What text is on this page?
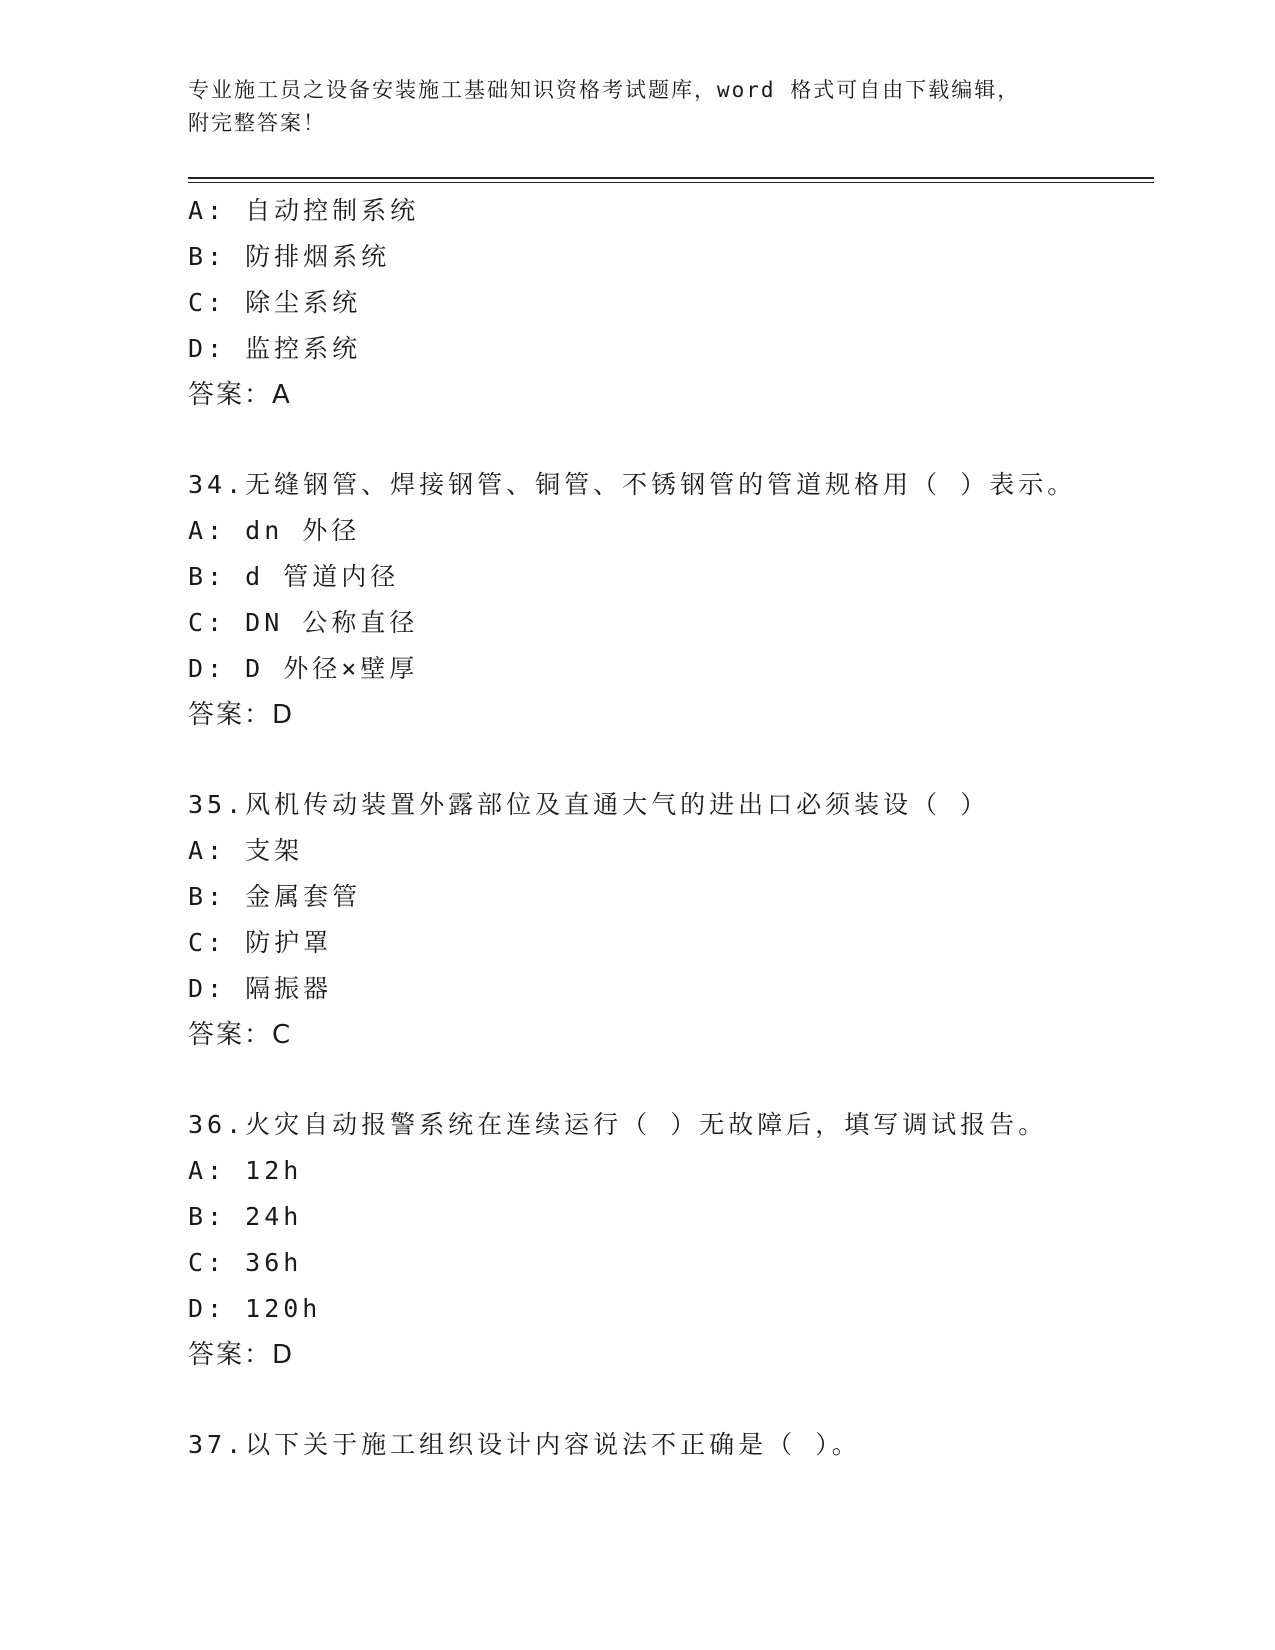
专业施工员之设备安装施工基础知识资格考试题库，word 格式可自由下载编辑，
附完整答案！
A: 自动控制系统
B: 防排烟系统
C: 除尘系统
D: 监控系统
答案：A
34.无缝钢管、焊接钢管、铜管、不锈钢管的管道规格用（ ）表示。
A: dn 外径
B: d 管道内径
C: DN 公称直径
D: D 外径×壁厚
答案：D
35.风机传动装置外露部位及直通大气的进出口必须装设（ ）
A: 支架
B: 金属套管
C: 防护罩
D: 隔振器
答案：C
36.火灾自动报警系统在连续运行（ ）无故障后，填写调试报告。
A: 12h
B: 24h
C: 36h
D: 120h
答案：D
37.以下关于施工组织设计内容说法不正确是（ ）。
